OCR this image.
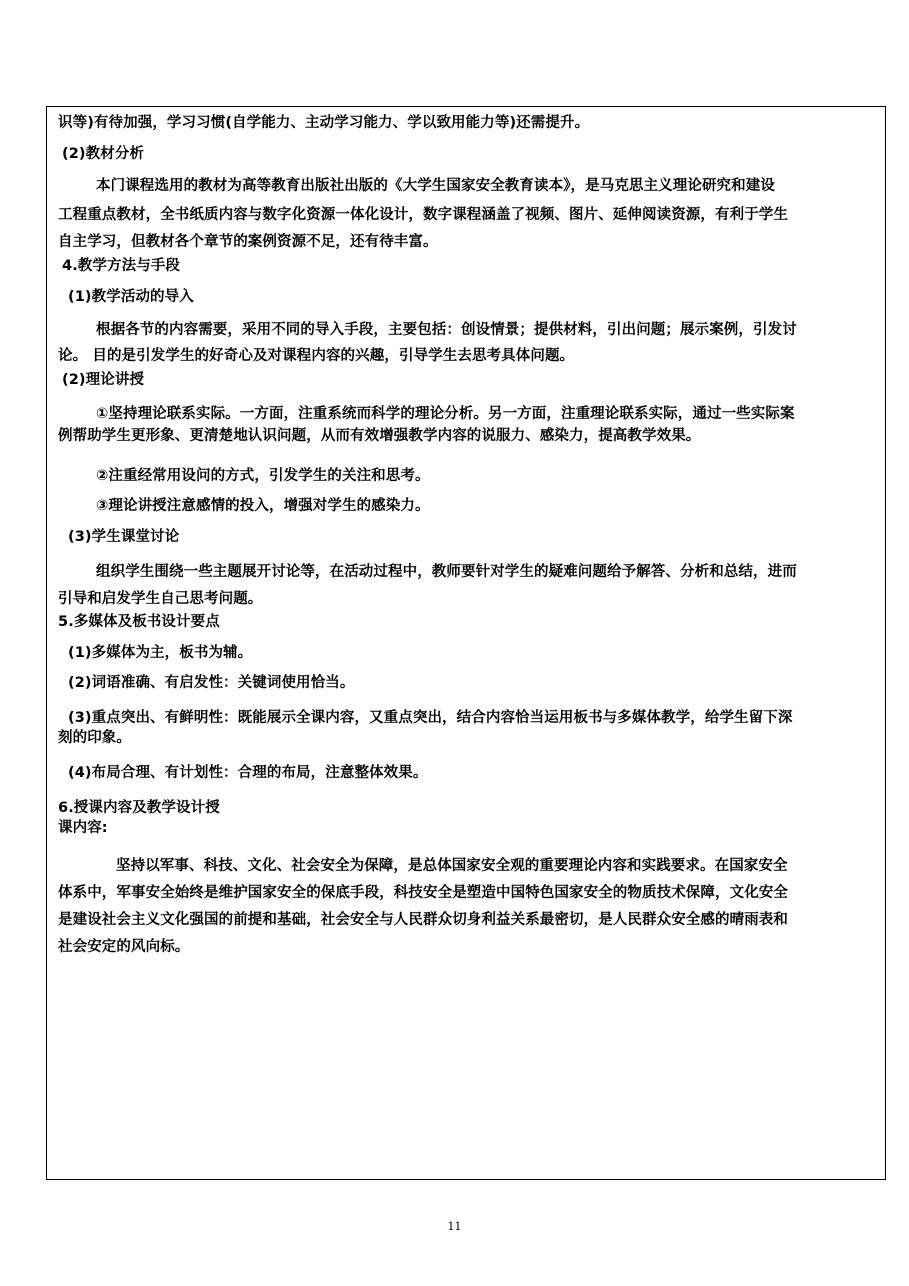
识等)有待加强，学习习惯(自学能力、主动学习能力、学以致用能力等)还需提升。

(2)教材分析

本门课程选用的教材为高等教育出版社出版的《大学生国家安全教育读本》，是马克思主义理论研究和建设

工程重点教材，全书纸质内容与数字化资源一体化设计，数字课程涵盖了视频、图片、延伸阅读资源，有利于学生

自主学习，但教材各个章节的案例资源不足，还有待丰富。

4.教学方法与手段

(1)教学活动的导入

根据各节的内容需要，采用不同的导入手段，主要包括：创设情景；提供材料，引出问题；展示案例，引发讨

论。 目的是引发学生的好奇心及对课程内容的兴趣，引导学生去思考具体问题。

(2)理论讲授

①坚持理论联系实际。一方面，注重系统而科学的理论分析。另一方面，注重理论联系实际，通过一些实际案

例帮助学生更形象、更清楚地认识问题，从而有效增强教学内容的说服力、感染力，提高教学效果。

②注重经常用设问的方式，引发学生的关注和思考。

③理论讲授注意感情的投入，增强对学生的感染力。

(3)学生课堂讨论

组织学生围绕一些主题展开讨论等，在活动过程中，教师要针对学生的疑难问题给予解答、分析和总结，进而

引导和启发学生自己思考问题。

5.多媒体及板书设计要点

(1)多媒体为主，板书为辅。

(2)词语准确、有启发性：关键词使用恰当。

(3)重点突出、有鲜明性：既能展示全课内容，又重点突出，结合内容恰当运用板书与多媒体教学，给学生留下深

刻的印象。

(4)布局合理、有计划性：合理的布局，注意整体效果。

6.授课内容及教学设计授

课内容:

坚持以军事、科技、文化、社会安全为保障，是总体国家安全观的重要理论内容和实践要求。在国家安全

体系中，军事安全始终是维护国家安全的保底手段，科技安全是塑造中国特色国家安全的物质技术保障，文化安全

是建设社会主义文化强国的前提和基础，社会安全与人民群众切身利益关系最密切，是人民群众安全感的晴雨表和

社会安定的风向标。

11
